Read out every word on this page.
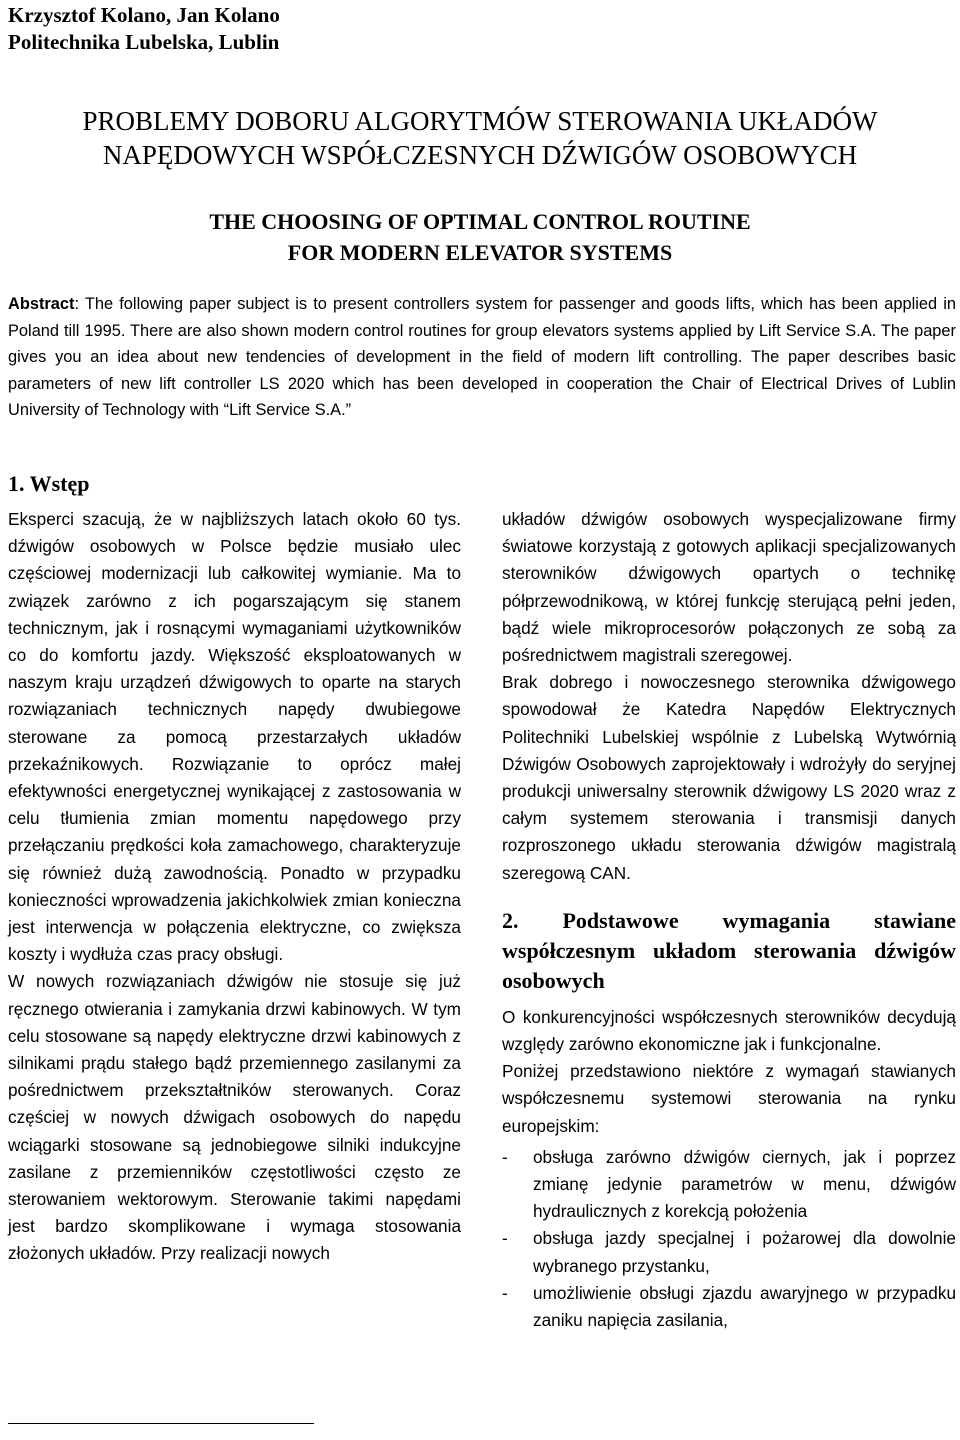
Krzysztof Kolano, Jan Kolano
Politechnika Lubelska, Lublin
PROBLEMY DOBORU ALGORYTMÓW STEROWANIA UKŁADÓW
NAPĘDOWYCH WSPÓŁCZESNYCH DŹWIGÓW OSOBOWYCH
THE CHOOSING OF OPTIMAL CONTROL ROUTINE
FOR MODERN ELEVATOR SYSTEMS
Abstract: The following paper subject is to present controllers system for passenger and goods lifts, which has been applied in Poland till 1995. There are also shown modern control routines for group elevators systems applied by Lift Service S.A. The paper gives you an idea about new tendencies of development in the field of modern lift controlling. The paper describes basic parameters of new lift controller LS 2020 which has been developed in cooperation the Chair of Electrical Drives of Lublin University of Technology with “Lift Service S.A.”
1. Wstęp

Eksperci szacują, że w najbliższych latach około 60 tys. dźwigów osobowych w Polsce będzie musiało ulec częściowej modernizacji lub całkowitej wymianie. Ma to związek zarówno z ich pogarszającym się stanem technicznym, jak i rosnącymi wymaganiami użytkowników co do komfortu jazdy. Większość eksploatowanych w naszym kraju urządzeń dźwigowych to oparte na starych rozwiązaniach technicznych napędy dwubiegowe sterowane za pomocą przestarzałych układów przekaźnikowych. Rozwiązanie to oprócz małej efektywności energetycznej wynikającej z zastosowania w celu tłumienia zmian momentu napędowego przy przełączaniu prędkości koła zamachowego, charakteryzuje się również dużą zawodnością. Ponadto w przypadku konieczności wprowadzenia jakichkolwiek zmian konieczna jest interwencja w połączenia elektryczne, co zwiększa koszty i wydłuża czas pracy obsługi.

W nowych rozwiązaniach dźwigów nie stosuje się już ręcznego otwierania i zamykania drzwi kabinowych. W tym celu stosowane są napędy elektryczne drzwi kabinowych z silnikami prądu stałego bądź przemiennego zasilanymi za pośrednictwem przekształtników sterowanych. Coraz częściej w nowych dźwigach osobowych do napędu wciągarki stosowane są jednobiegowe silniki indukcyjne zasilane z przemienników częstotliwości często ze sterowaniem wektorowym. Sterowanie takimi napędami jest bardzo skomplikowane i wymaga stosowania złożonych układów. Przy realizacji nowych

układów dźwigów osobowych wyspecjalizowane firmy światowe korzystają z gotowych aplikacji specjalizowanych sterowników dźwigowych opartych o technikę półprzewodnikową, w której funkcję sterującą pełni jeden, bądź wiele mikroprocesorów połączonych ze sobą za pośrednictwem magistrali szeregowej.

Brak dobrego i nowoczesnego sterownika dźwigowego spowodował że Katedra Napędów Elektrycznych Politechniki Lubelskiej wspólnie z Lubelską Wytwórnią Dźwigów Osobowych zaprojektowały i wdrożyły do seryjnej produkcji uniwersalny sterownik dźwigowy LS 2020 wraz z całym systemem sterowania i transmisji danych rozproszonego układu sterowania dźwigów magistralą szeregową CAN.

2. Podstawowe wymagania stawiane współczesnym układom sterowania dźwigów osobowych

O konkurencyjności współczesnych sterowników decydują względy zarówno ekonomiczne jak i funkcjonalne.

Poniżej przedstawiono niektóre z wymagań stawianych współczesnemu systemowi sterowania na rynku europejskim:

- obsługa zarówno dźwigów ciernych, jak i poprzez zmianę jedynie parametrów w menu, dźwigów hydraulicznych z korekcją położenia
- obsługa jazdy specjalnej i pożarowej dla dowolnie wybranego przystanku,
- umożliwienie obsługi zjazdu awaryjnego w przypadku zaniku napięcia zasilania,
